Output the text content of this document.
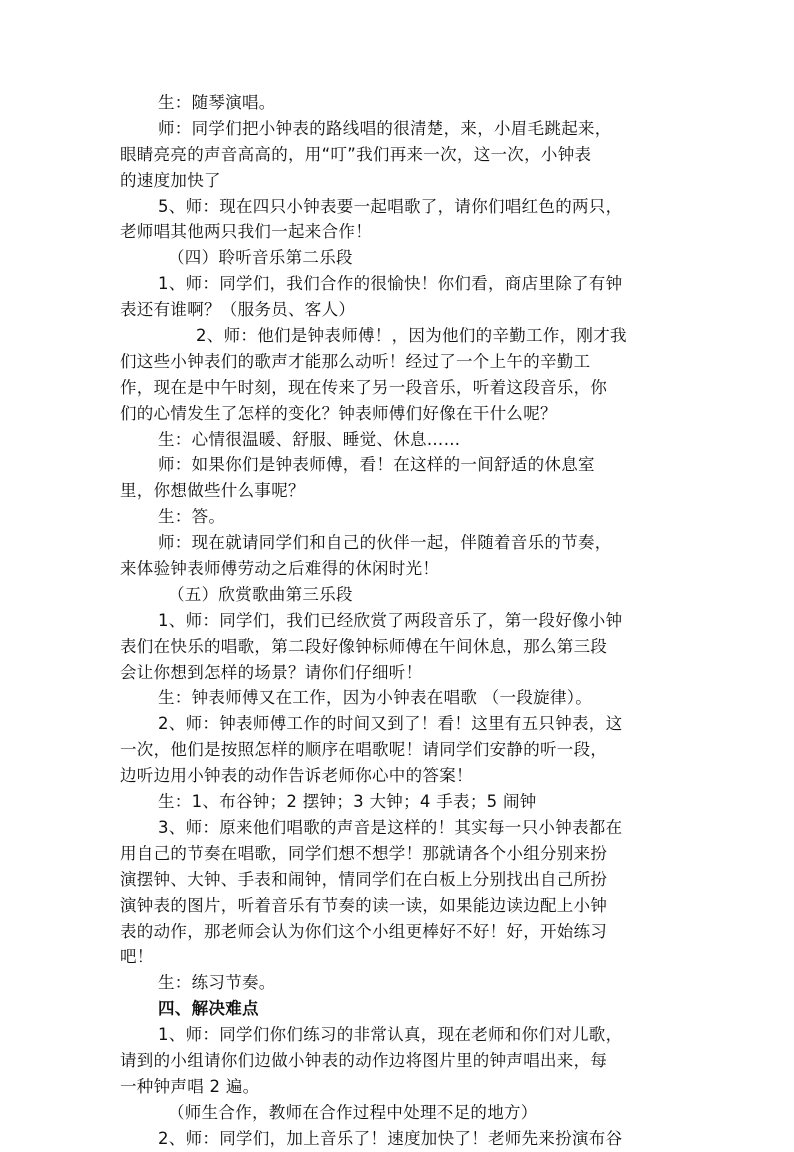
生：随琴演唱。
师：同学们把小钟表的路线唱的很清楚，来，小眉毛跳起来，
眼睛亮亮的声音高高的，用“叮”我们再来一次，这一次，小钟表
的速度加快了
5、师：现在四只小钟表要一起唱歌了，请你们唱红色的两只，
老师唱其他两只我们一起来合作！
（四）聆听音乐第二乐段
1、师：同学们，我们合作的很愉快！你们看，商店里除了有钟
表还有谁啊？（服务员、客人）
2、师：他们是钟表师傅！，因为他们的辛勤工作，刚才我
们这些小钟表们的歌声才能那么动听！经过了一个上午的辛勤工
作，现在是中午时刻，现在传来了另一段音乐，听着这段音乐，你
们的心情发生了怎样的变化？钟表师傅们好像在干什么呢？
生：心情很温暖、舒服、睡觉、休息……
师：如果你们是钟表师傅，看！在这样的一间舒适的休息室
里，你想做些什么事呢？
生：答。
师：现在就请同学们和自己的伙伴一起，伴随着音乐的节奏，
来体验钟表师傅劳动之后难得的休闲时光！
（五）欣赏歌曲第三乐段
1、师：同学们，我们已经欣赏了两段音乐了，第一段好像小钟
表们在快乐的唱歌，第二段好像钟标师傅在午间休息，那么第三段
会让你想到怎样的场景？请你们仔细听！
生：钟表师傅又在工作，因为小钟表在唱歌 （一段旋律）。
2、师：钟表师傅工作的时间又到了！看！这里有五只钟表，这
一次，他们是按照怎样的顺序在唱歌呢！请同学们安静的听一段，
边听边用小钟表的动作告诉老师你心中的答案！
生：1、布谷钟；2 摆钟；3 大钟；4 手表；5 闹钟
3、师：原来他们唱歌的声音是这样的！其实每一只小钟表都在
用自己的节奏在唱歌，同学们想不想学！那就请各个小组分别来扮
演摆钟、大钟、手表和闹钟，情同学们在白板上分别找出自己所扮
演钟表的图片，听着音乐有节奏的读一读，如果能边读边配上小钟
表的动作，那老师会认为你们这个小组更棒好不好！好，开始练习
吧！
生：练习节奏。
四、解决难点
1、师：同学们你们练习的非常认真，现在老师和你们对儿歌，
请到的小组请你们边做小钟表的动作边将图片里的钟声唱出来，每
一种钟声唱 2 遍。
（师生合作，教师在合作过程中处理不足的地方）
2、师：同学们，加上音乐了！速度加快了！老师先来扮演布谷
